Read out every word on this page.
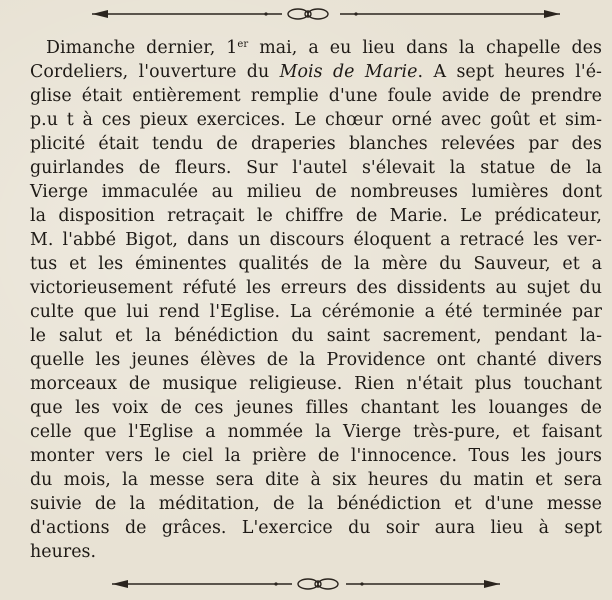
Dimanche dernier, 1er mai, a eu lieu dans la chapelle des
Cordeliers, l'ouverture du Mois de Marie. A sept heures l'é-
glise était entièrement remplie d'une foule avide de prendre
p.u t à ces pieux exercices. Le chœur orné avec goût et sim-
plicité était tendu de draperies blanches relevées par des
guirlandes de fleurs. Sur l'autel s'élevait la statue de la
Vierge immaculée au milieu de nombreuses lumières dont
la disposition retraçait le chiffre de Marie. Le prédicateur,
M. l'abbé Bigot, dans un discours éloquent a retracé les ver-
tus et les éminentes qualités de la mère du Sauveur, et a
victorieusement réfuté les erreurs des dissidents au sujet du
culte que lui rend l'Eglise. La cérémonie a été terminée par
le salut et la bénédiction du saint sacrement, pendant la-
quelle les jeunes élèves de la Providence ont chanté divers
morceaux de musique religieuse. Rien n'était plus touchant
que les voix de ces jeunes filles chantant les louanges de
celle que l'Eglise a nommée la Vierge très-pure, et faisant
monter vers le ciel la prière de l'innocence. Tous les jours
du mois, la messe sera dite à six heures du matin et sera
suivie de la méditation, de la bénédiction et d'une messe
d'actions de grâces. L'exercice du soir aura lieu à sept
heures.
